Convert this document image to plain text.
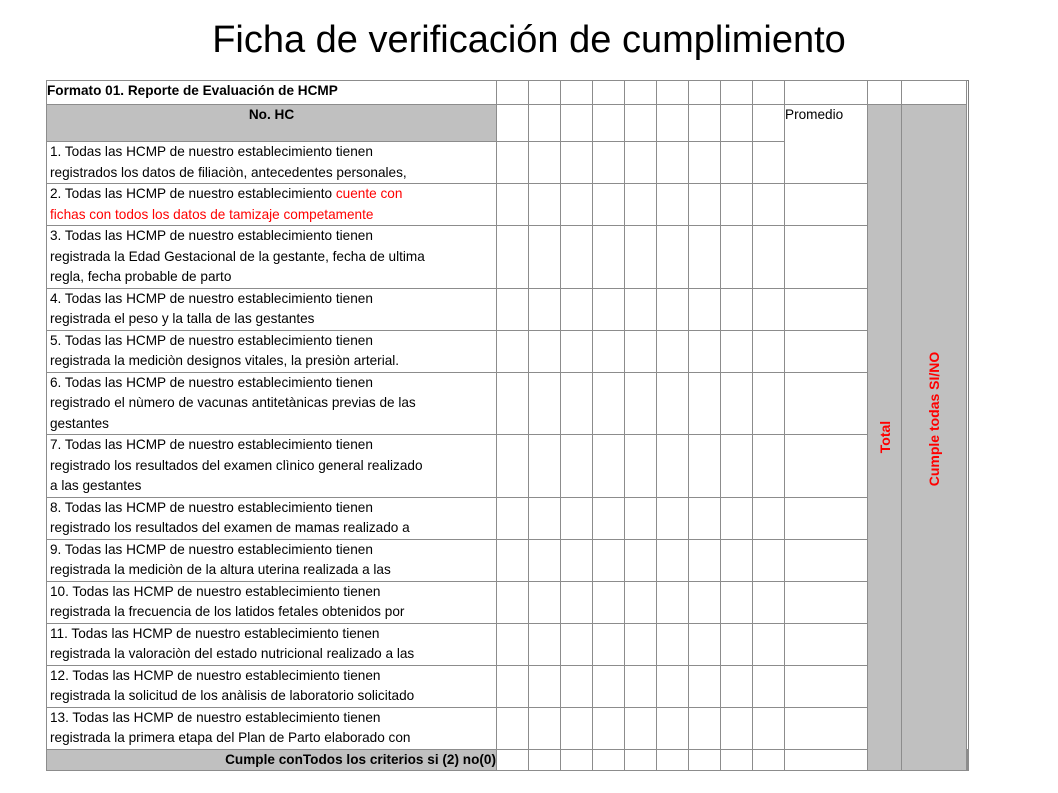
Ficha de verificación de cumplimiento
Formato 01. Reporte de Evaluación de HCMP													
No. HC										Promedio	Total	Cumple todas SI/NO	

1. Todas las HCMP de nuestro establecimiento tienen
registrados los datos de filiaciòn, antecedentes personales,													

2. Todas las HCMP de nuestro establecimiento cuente con
fichas con todos los datos de tamizaje competamente													

3. Todas las HCMP de nuestro establecimiento tienen
registrada la Edad Gestacional de la gestante, fecha de ultima
regla, fecha probable de parto													

4. Todas las HCMP de nuestro establecimiento tienen
registrada el peso y la talla de las gestantes													

5. Todas las HCMP de nuestro establecimiento tienen
registrada la mediciòn designos vitales, la presiòn arterial.													

6. Todas las HCMP de nuestro establecimiento tienen
registrado el nùmero de vacunas antitetànicas previas de las
gestantes													

7. Todas las HCMP de nuestro establecimiento tienen
registrado los resultados del examen clìnico general realizado
a las gestantes													

8. Todas las HCMP de nuestro establecimiento tienen
registrado los resultados del examen de mamas realizado a													

9. Todas las HCMP de nuestro establecimiento tienen
registrada la mediciòn de la altura uterina realizada a las													

10. Todas las HCMP de nuestro establecimiento tienen
registrada la frecuencia de los latidos fetales obtenidos por													

11. Todas las HCMP de nuestro establecimiento tienen
registrada la valoraciòn del estado nutricional realizado a las													

12. Todas las HCMP de nuestro establecimiento tienen
registrada la solicitud de los anàlisis de laboratorio solicitado													

13. Todas las HCMP de nuestro establecimiento tienen
registrada la primera etapa del Plan de Parto elaborado con													

Cumple conTodos los criterios si (2) no(0)													
